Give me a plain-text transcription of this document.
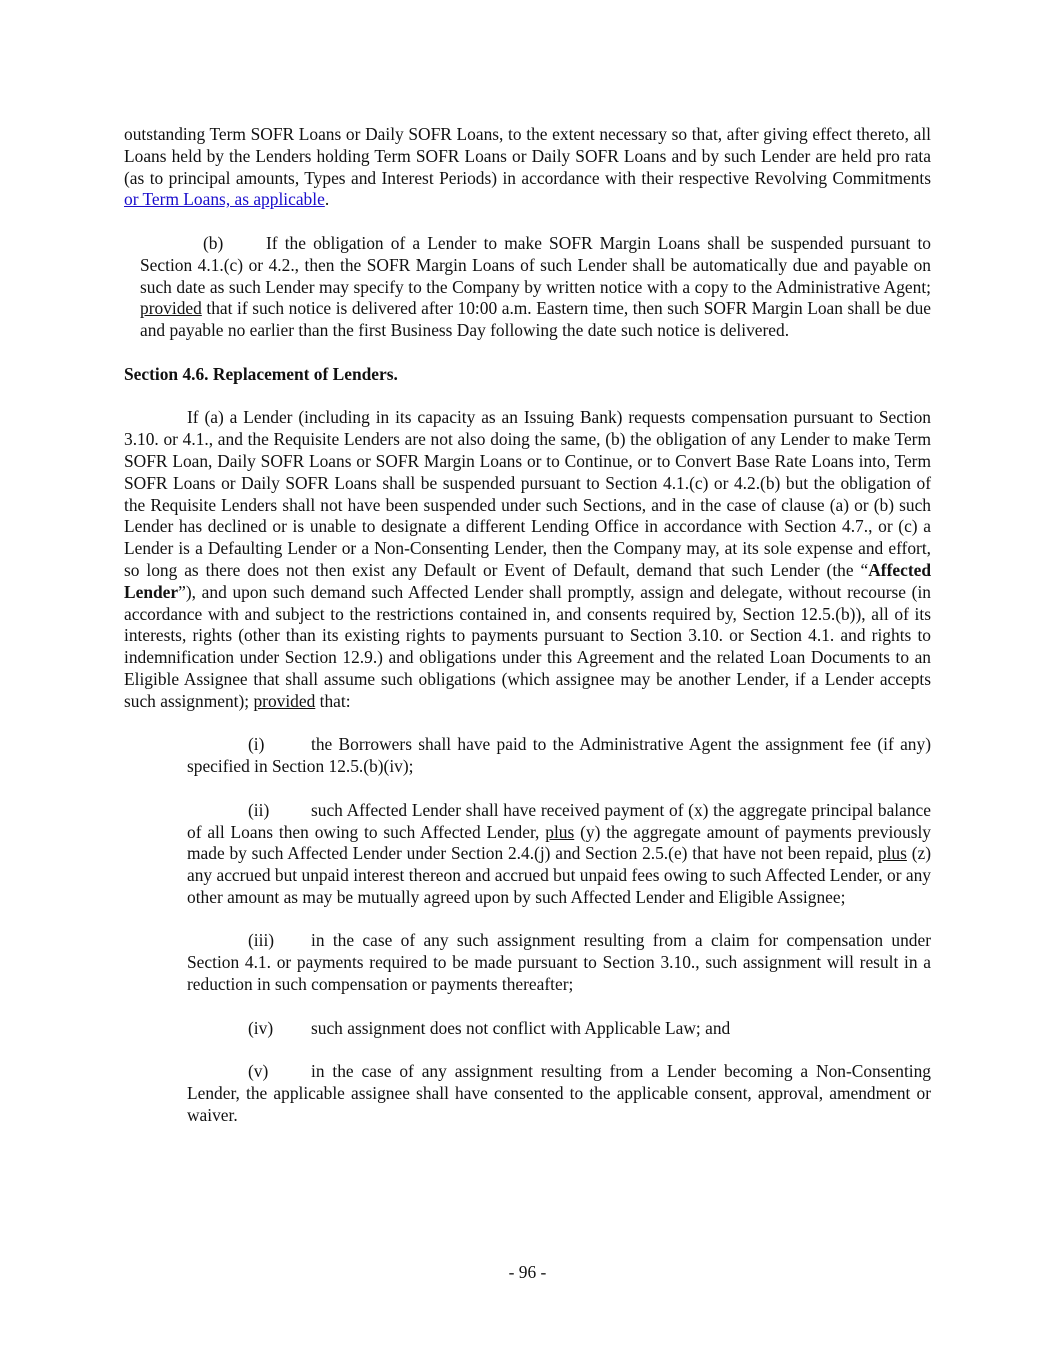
outstanding Term SOFR Loans or Daily SOFR Loans, to the extent necessary so that, after giving effect thereto, all Loans held by the Lenders holding Term SOFR Loans or Daily SOFR Loans and by such Lender are held pro rata (as to principal amounts, Types and Interest Periods) in accordance with their respective Revolving Commitments or Term Loans, as applicable.

(b) If the obligation of a Lender to make SOFR Margin Loans shall be suspended pursuant to Section 4.1.(c) or 4.2., then the SOFR Margin Loans of such Lender shall be automatically due and payable on such date as such Lender may specify to the Company by written notice with a copy to the Administrative Agent; provided that if such notice is delivered after 10:00 a.m. Eastern time, then such SOFR Margin Loan shall be due and payable no earlier than the first Business Day following the date such notice is delivered.

Section 4.6. Replacement of Lenders.

If (a) a Lender (including in its capacity as an Issuing Bank) requests compensation pursuant to Section 3.10. or 4.1., and the Requisite Lenders are not also doing the same, (b) the obligation of any Lender to make Term SOFR Loan, Daily SOFR Loans or SOFR Margin Loans or to Continue, or to Convert Base Rate Loans into, Term SOFR Loans or Daily SOFR Loans shall be suspended pursuant to Section 4.1.(c) or 4.2.(b) but the obligation of the Requisite Lenders shall not have been suspended under such Sections, and in the case of clause (a) or (b) such Lender has declined or is unable to designate a different Lending Office in accordance with Section 4.7., or (c) a Lender is a Defaulting Lender or a Non-Consenting Lender, then the Company may, at its sole expense and effort, so long as there does not then exist any Default or Event of Default, demand that such Lender (the “Affected Lender”), and upon such demand such Affected Lender shall promptly, assign and delegate, without recourse (in accordance with and subject to the restrictions contained in, and consents required by, Section 12.5.(b)), all of its interests, rights (other than its existing rights to payments pursuant to Section 3.10. or Section 4.1. and rights to indemnification under Section 12.9.) and obligations under this Agreement and the related Loan Documents to an Eligible Assignee that shall assume such obligations (which assignee may be another Lender, if a Lender accepts such assignment); provided that:

(i)	the Borrowers shall have paid to the Administrative Agent the assignment fee (if any) specified in Section 12.5.(b)(iv);

(ii) such Affected Lender shall have received payment of (x) the aggregate principal balance of all Loans then owing to such Affected Lender, plus (y) the aggregate amount of payments previously made by such Affected Lender under Section 2.4.(j) and Section 2.5.(e) that have not been repaid, plus (z) any accrued but unpaid interest thereon and accrued but unpaid fees owing to such Affected Lender, or any other amount as may be mutually agreed upon by such Affected Lender and Eligible Assignee;

(iii) in the case of any such assignment resulting from a claim for compensation under Section 4.1. or payments required to be made pursuant to Section 3.10., such assignment will result in a reduction in such compensation or payments thereafter;

(iv) such assignment does not conflict with Applicable Law; and

(v) in the case of any assignment resulting from a Lender becoming a Non-Consenting Lender, the applicable assignee shall have consented to the applicable consent, approval, amendment or waiver.

- 96 -
